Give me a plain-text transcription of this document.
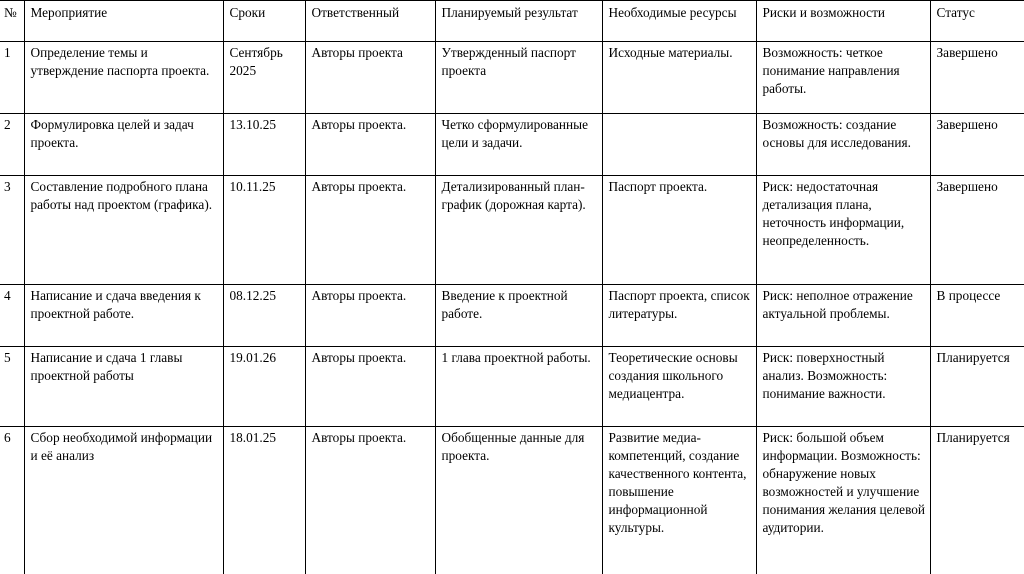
№	Мероприятие	Сроки	Ответственный	Планируемый результат	Необходимые ресурсы	Риски и возможности	Статус

1	Определение темы и утверждение паспорта проекта.	Сентябрь 2025	Авторы проекта	Утвержденный паспорт проекта	Исходные материалы.	Возможность: четкое понимание направления работы.	Завершено

2	Формулировка целей и задач проекта.	13.10.25	Авторы проекта.	Четко сформулированные цели и задачи.		Возможность: создание основы для исследования.	Завершено

3	Составление подробного плана работы над проектом (графика).	10.11.25	Авторы проекта.	Детализированный план-график (дорожная карта).	Паспорт проекта.	Риск: недостаточная детализация плана, неточность информации, неопределенность.	Завершено

4	Написание и сдача введения к проектной работе.	08.12.25	Авторы проекта.	Введение к проектной работе.	Паспорт проекта, список литературы.	Риск: неполное отражение актуальной проблемы.	В процессе

5	Написание и сдача 1 главы проектной работы	19.01.26	Авторы проекта.	1 глава проектной работы.	Теоретические основы создания школьного медиацентра.	Риск: поверхностный анализ. Возможность: понимание важности.	Планируется

6	Сбор необходимой информации и её анализ	18.01.25	Авторы проекта.	Обобщенные данные для проекта.	Развитие медиа-компетенций, создание качественного контента, повышение информационной культуры.	Риск: большой объем информации. Возможность: обнаружение новых возможностей и улучшение понимания желания целевой аудитории.	Планируется
